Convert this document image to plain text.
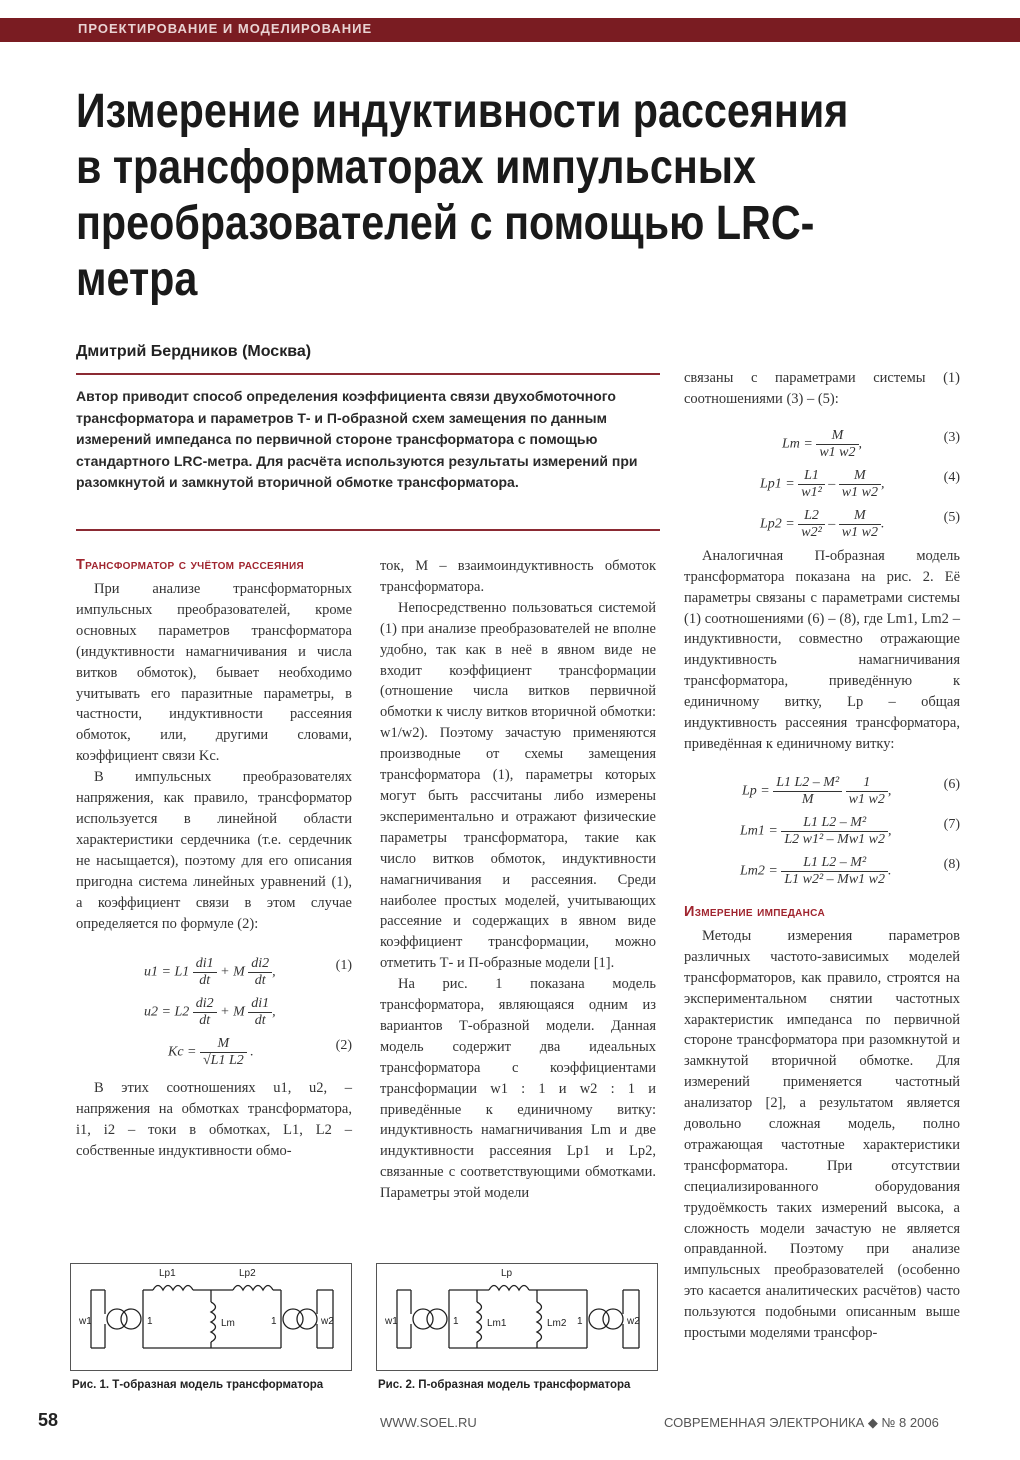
ПРОЕКТИРОВАНИЕ И МОДЕЛИРОВАНИЕ
Измерение индуктивности рассеяния в трансформаторах импульсных преобразователей с помощью LRC-метра
Дмитрий Бердников (Москва)
Автор приводит способ определения коэффициента связи двухобмоточного трансформатора и параметров Т- и П-образной схем замещения по данным измерений импеданса по первичной стороне трансформатора с помощью стандартного LRC-метра. Для расчёта используются результаты измерений при разомкнутой и замкнутой вторичной обмотке трансформатора.
Трансформатор с учётом рассеяния

При анализе трансформаторных импульсных преобразователей, кроме основных параметров трансформатора (индуктивности намагничивания и числа витков обмоток), бывает необходимо учитывать его паразитные параметры, в частности, индуктивности рассеяния обмоток, или, другими словами, коэффициент связи Kc.

В импульсных преобразователях напряжения, как правило, трансформатор используется в линейной области характеристики сердечника (т.е. сердечник не насыщается), поэтому для его описания пригодна система линейных уравнений (1), а коэффициент связи в этом случае определяется по формуле (2):

$u1 = L1 \frac{di1}{dt} + M \frac{di2}{dt}$ ,	(1)
$u2 = L2 \frac{di2}{dt} + M \frac{di1}{dt}$ ,
$Kc = \frac{M}{√L1 L2}$ .	(2)

В этих соотношениях u1, u2, – напряжения на обмотках трансформатора, i1, i2 – токи в обмотках, L1, L2 – собственные индуктивности обмо-

ток, M – взаимоиндуктивность обмоток трансформатора.

Непосредственно пользоваться системой (1) при анализе преобразователей не вполне удобно, так как в неё в явном виде не входит коэффициент трансформации (отношение числа витков первичной обмотки к числу витков вторичной обмотки: w1/w2). Поэтому зачастую применяются производные от схемы замещения трансформатора (1), параметры которых могут быть рассчитаны либо измерены экспериментально и отражают физические параметры трансформатора, такие как число витков обмоток, индуктивности намагничивания и рассеяния. Среди наиболее простых моделей, учитывающих рассеяние и содержащих в явном виде коэффициент трансформации, можно отметить Т- и П-образные модели [1].

На рис. 1 показана модель трансформатора, являющаяся одним из вариантов Т-образной модели. Данная модель содержит два идеальных трансформатора с коэффициентами трансформации w1 : 1 и w2 : 1 и приведённые к единичному витку: индуктивность намагничивания Lm и две индуктивности рассеяния Lp1 и Lp2, связанные с соответствующими обмотками. Параметры этой модели

связаны с параметрами системы (1) соотношениями (3) – (5):

$Lm = \frac{M}{w1 w2}$ ,	(3)
$Lp1 = \frac{L1}{\text{w1²}} - \frac{M}{w1 w2}$ ,	(4)
$Lp2 = \frac{L2}{\text{w2²}} - \frac{M}{w1 w2}$ .	(5)

Аналогичная П-образная модель трансформатора показана на рис. 2. Её параметры связаны с параметрами системы (1) соотношениями (6) – (8), где Lm1, Lm2 – индуктивности, совместно отражающие индуктивность намагничивания трансформатора, приведённую к единичному витку, Lp – общая индуктивность рассеяния трансформатора, приведённая к единичному витку:

$Lp = \frac{\text{L1 L2 – M²}}{M}$
$\frac{1}{w1 w2}$ ,	(6)
$Lm1 = \frac{\text{L1 L2 – M²}}{\text{L2 w1² – Mw1 w2}}$ ,	(7)
$Lm2 = \frac{\text{L1 L2 – M²}}{\text{L1 w2² – Mw1 w2}}$ .	(8)
Измерение импеданса

Методы измерения параметров различных частото-зависимых моделей трансформаторов, как правило, строятся на экспериментальном снятии частотных характеристик импеданса по первичной стороне трансформатора при разомкнутой и замкнутой вторичной обмотке. Для измерений применяется частотный анализатор [2], а результатом является довольно сложная модель, полно отражающая частотные характеристики трансформатора. При отсутствии специализированного оборудования трудоёмкость таких измерений высока, а сложность модели зачастую не является оправданной. Поэтому при анализе импульсных преобразователей (особенно это касается аналитических расчётов) часто пользуются подобными описанным выше простыми моделями трансфор-

Lp1	Lp2
Lm
w1	w2
1	1
Рис. 1. Т-образная модель трансформатора
Lp
Lm1	Lm2
w1	w2
1	1
Рис. 2. П-образная модель трансформатора
58	WWW.SOEL.RU	СОВРЕМЕННАЯ ЭЛЕКТРОНИКА ◆ № 8 2006
